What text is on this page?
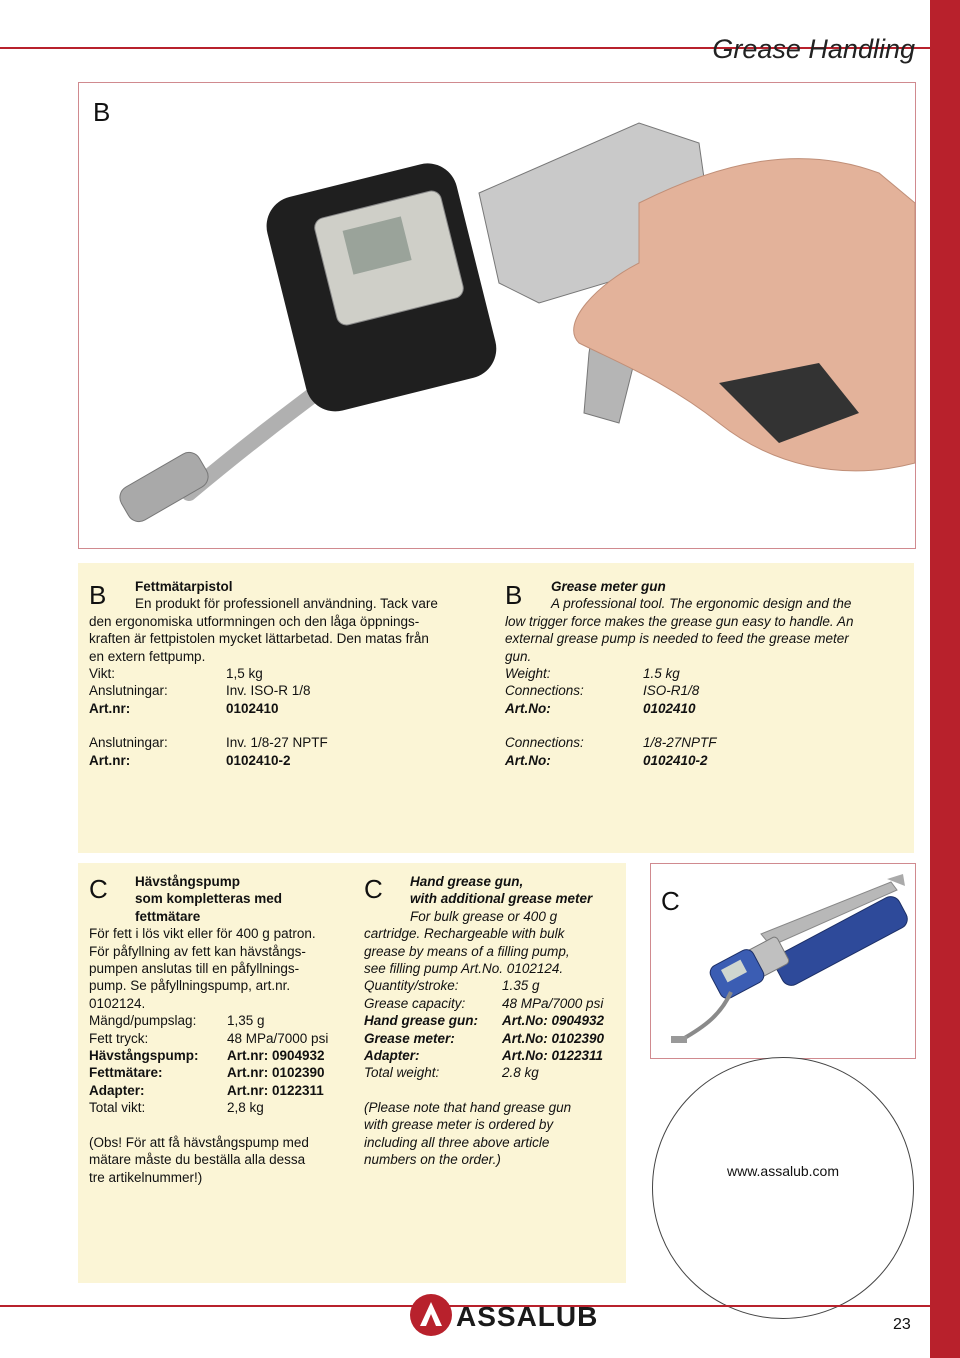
Grease Handling
B
B	Fettmätarpistol
En produkt för professionell användning. Tack vare
den ergonomiska utformningen och den låga öppnings-
kraften är fettpistolen mycket lättarbetad. Den matas från
en extern fettpump.
Vikt:	1,5 kg
Anslutningar:	Inv. ISO-R 1/8
Art.nr:	0102410
Anslutningar:	Inv. 1/8-27 NPTF
Art.nr:	0102410-2
B	Grease meter gun
A professional tool. The ergonomic design and the
low trigger force makes the grease gun easy to handle. An
external grease pump is needed to feed the grease meter
gun.
Weight:	1.5 kg
Connections:	ISO-R1/8
Art.No:	0102410
Connections:	1/8-27NPTF
Art.No:	0102410-2
C	Hävstångspump
som kompletteras med
fettmätare
För fett i lös vikt eller för 400 g patron.
För påfyllning av fett kan hävstångs-
pumpen anslutas till en påfyllnings-
pump. Se påfyllningspump, art.nr.
0102124.
Mängd/pumpslag:	1,35 g
Fett tryck:	48 MPa/7000 psi
Hävstångspump:	Art.nr: 0904932
Fettmätare:	Art.nr: 0102390
Adapter:	Art.nr: 0122311
Total vikt:	2,8 kg
(Obs! För att få hävstångspump med
mätare måste du beställa alla dessa
tre artikelnummer!)
C	Hand grease gun,
with additional grease meter
For bulk grease or 400 g
cartridge. Rechargeable with bulk
grease by means of a filling pump,
see filling pump Art.No. 0102124.
Quantity/stroke:	1.35 g
Grease capacity:	48 MPa/7000 psi
Hand grease gun:	Art.No: 0904932
Grease meter:	Art.No: 0102390
Adapter:	Art.No: 0122311
Total weight:	2.8 kg
(Please note that hand grease gun
with grease meter is ordered by
including all three above article
numbers on the order.)
C
www.assalub.com
ASSALUB	23
